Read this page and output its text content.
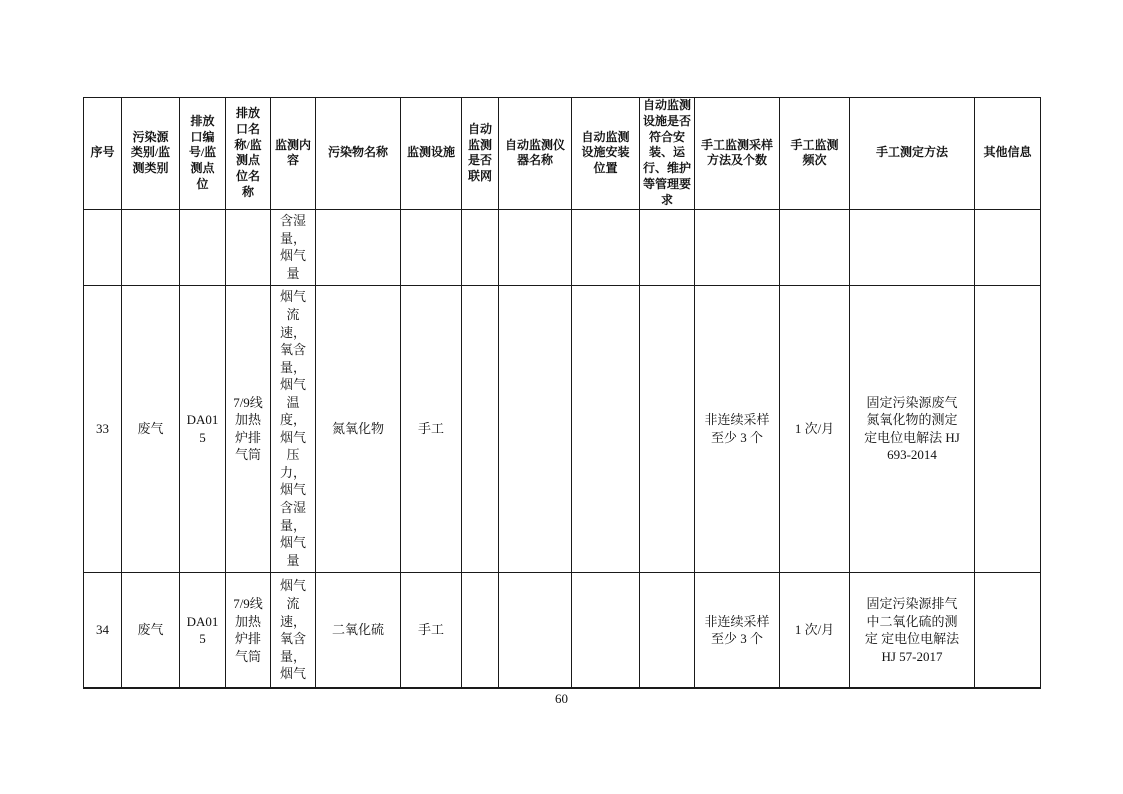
序号	污染源类别/监测类别	排放口编号/监测点位	排放口名称/监测点位名称	监测内容	污染物名称	监测设施	自动监测是否联网	自动监测仪器名称	自动监测设施安装位置	自动监测设施是否符合安装、运行、维护等管理要求	手工监测采样方法及个数	手工监测频次	手工测定方法	其他信息
				含湿量，烟气量										
33	废气	DA015	7/9线加热炉排气筒	烟气流速，氧含量，烟气温度，烟气压力，烟气含湿量，烟气量	氮氧化物	手工					非连续采样至少 3 个	1 次/月	固定污染源废气 氮氧化物的测定 定电位电解法 HJ 693-2014	
34	废气	DA015	7/9线加热炉排气筒	烟气流速，氧含量，烟气	二氧化硫	手工					非连续采样至少 3 个	1 次/月	固定污染源排气中二氧化硫的测定 定电位电解法 HJ 57-2017	
60
